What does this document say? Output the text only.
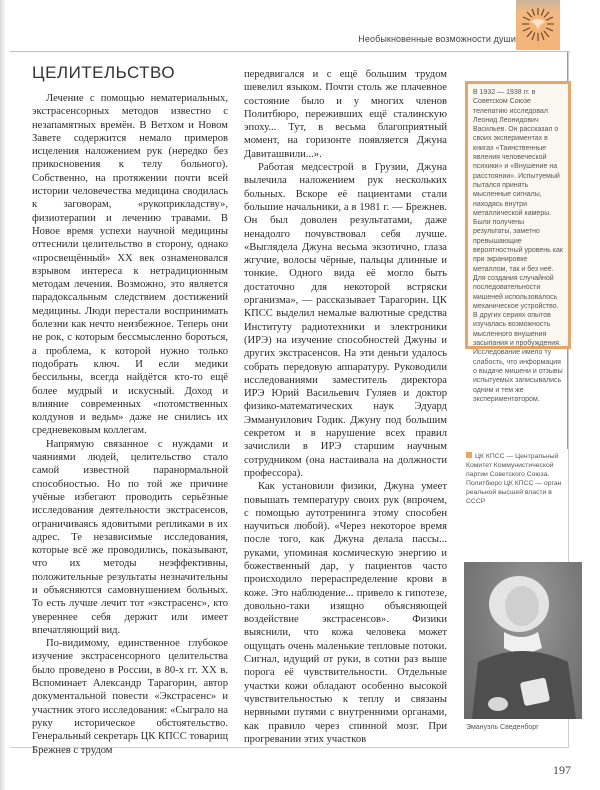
Необыкновенные возможности души
ЦЕЛИТЕЛЬСТВО

Лечение с помощью нематериальных, экстрасенсорных методов известно с незапамятных времён. В Ветхом и Новом Завете содержится немало примеров исцеления наложением рук (нередко без прикосновения к телу больного). Собственно, на протяжении почти всей истории человечества медицина сводилась к заговорам, «рукоприкладству», физиотерапии и лечению травами. В Новое время успехи научной медицины оттеснили целительство в сторону, однако «просвещённый» XX век ознаменовался взрывом интереса к нетрадиционным методам лечения. Возможно, это является парадоксальным следствием достижений медицины. Люди перестали воспринимать болезни как нечто неизбежное. Теперь они не рок, с которым бессмысленно бороться, а проблема, к которой нужно только подобрать ключ. И если медики бессильны, всегда найдётся кто-то ещё более мудрый и искусный. Доход и влияние современных «потомственных колдунов и ведьм» даже не снились их средневековым коллегам.

Напрямую связанное с нуждами и чаяниями людей, целительство стало самой известной паранормальной способностью. Но по той же причине учёные избегают проводить серьёзные исследования деятельности экстрасенсов, ограничиваясь ядовитыми репликами в их адрес. Те независимые исследования, которые всё же проводились, показывают, что их методы неэффективны, положительные результаты незначительны и объясняются самовнушением больных. То есть лучше лечит тот «экстрасенс», кто увереннее себя держит или имеет впечатляющий вид.

По-видимому, единственное глубокое изучение экстрасенсорного целительства было проведено в России, в 80-х гг. XX в. Вспоминает Александр Тарагорин, автор документальной повести «Экстрасенс» и участник этого исследования: «Сыграло на руку историческое обстоятельство. Генеральный секретарь ЦК КПСС товарищ Брежнев с трудом

передвигался и с ещё большим трудом шевелил языком. Почти столь же плачевное состояние было и у многих членов Политбюро, переживших ещё сталинскую эпоху... Тут, в весьма благоприятный момент, на горизонте появляется Джуна Давиташвили...».

Работая медсестрой в Грузии, Джуна вылечила наложением рук нескольких больных. Вскоре её пациентами стали большие начальники, а в 1981 г. — Брежнев. Он был доволен результатами, даже ненадолго почувствовал себя лучше. «Выглядела Джуна весьма экзотично, глаза жгучие, волосы чёрные, пальцы длинные и тонкие. Одного вида её могло быть достаточно для некоторой встряски организма», — рассказывает Тарагорин. ЦК КПСС выделил немалые валютные средства Институту радиотехники и электроники (ИРЭ) на изучение способностей Джуны и других экстрасенсов. На эти деньги удалось собрать передовую аппаратуру. Руководили исследованиями заместитель директора ИРЭ Юрий Васильевич Гуляев и доктор физико-математических наук Эдуард Эммануилович Годик. Джуну под большим секретом и в нарушение всех правил зачислили в ИРЭ старшим научным сотрудником (она настаивала на должности профессора).

Как установили физики, Джуна умеет повышать температуру своих рук (впрочем, с помощью аутотренинга этому способен научиться любой). «Через некоторое время после того, как Джуна делала пассы... руками, упоминая космическую энергию и божественный дар, у пациентов часто происходило перераспределение крови в коже. Это наблюдение... привело к гипотезе, довольно-таки изящно объясняющей воздействие экстрасенсов». Физики выяснили, что кожа человека может ощущать очень маленькие тепловые потоки. Сигнал, идущий от руки, в сотни раз выше порога её чувствительности. Отдельные участки кожи обладают особенно высокой чувствительностью к теплу и связаны нервными путями с внутренними органами, как правило через спинной мозг. При прогревании этих участков

В 1932 — 1938 гг. в Советском Союзе телепатию исследовал Леонид Леонидович Васильев. Он рассказал о своих экспериментах в книгах «Таинственные явления человеческой психики» и «Внушение на расстоянии». Испытуемый пытался принять мысленные сигналы, находясь внутри металлической камеры. Были получены результаты, заметно превышающие вероятностный уровень как при экранировке металлом, так и без неё. Для создания случайной последовательности мишеней использовалось механическое устройство. В других сериях опытов изучалась возможность мысленного внушения засыпания и пробуждения. Исследование имело ту слабость, что информация о выдаче мишени и отзывы испытуемых записывались одним и тем же экспериментатором.

ЦК КПСС — Центральный Комитет Коммунистической партии Советского Союза. Политбюро ЦК КПСС — орган реальной высшей власти в СССР
Эмануэль Сведенборг
197
